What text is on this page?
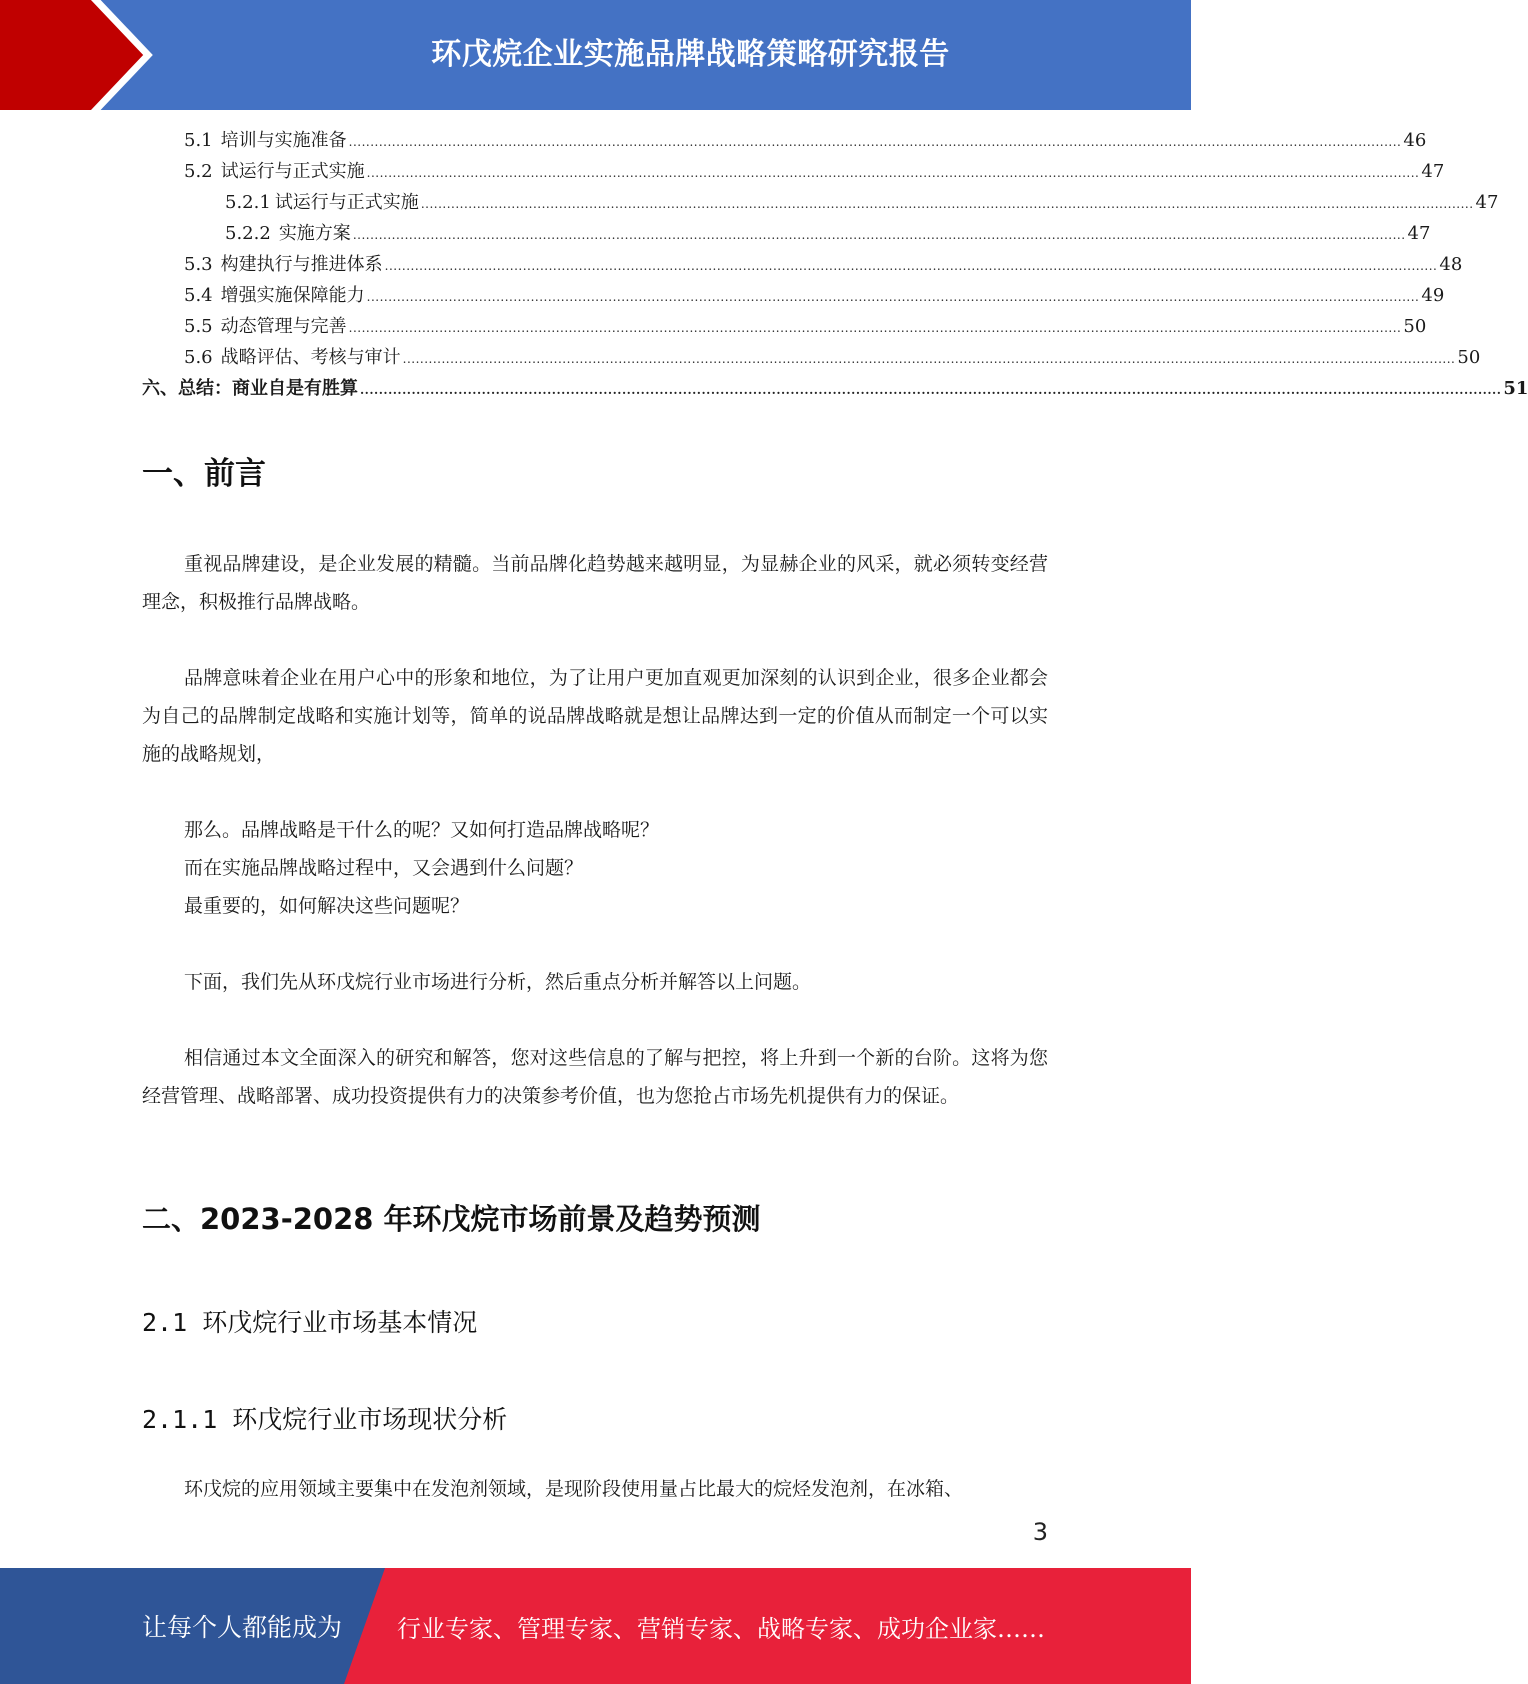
环戊烷企业实施品牌战略策略研究报告
5.1 培训与实施准备 .................................................................................................................................................................................................................................................... 46
5.2 试运行与正式实施 .................................................................................................................................................................................................................................................... 47
5.2.1 试运行与正式实施 .................................................................................................................................................................................................................................................... 47
5.2.2 实施方案 .................................................................................................................................................................................................................................................... 47
5.3 构建执行与推进体系 .................................................................................................................................................................................................................................................... 48
5.4 增强实施保障能力 .................................................................................................................................................................................................................................................... 49
5.5 动态管理与完善 .................................................................................................................................................................................................................................................... 50
5.6 战略评估、考核与审计 .................................................................................................................................................................................................................................................... 50
六、总结：商业自是有胜算 .................................................................................................................................................................................................................................................... 51
一、前言

重视品牌建设，是企业发展的精髓。当前品牌化趋势越来越明显，为显赫企业的风采，就必须转变经营理念，积极推行品牌战略。

品牌意味着企业在用户心中的形象和地位，为了让用户更加直观更加深刻的认识到企业，很多企业都会为自己的品牌制定战略和实施计划等，简单的说品牌战略就是想让品牌达到一定的价值从而制定一个可以实施的战略规划，

那么。品牌战略是干什么的呢？又如何打造品牌战略呢？

而在实施品牌战略过程中，又会遇到什么问题？

最重要的，如何解决这些问题呢？

下面，我们先从环戊烷行业市场进行分析，然后重点分析并解答以上问题。

相信通过本文全面深入的研究和解答，您对这些信息的了解与把控，将上升到一个新的台阶。这将为您经营管理、战略部署、成功投资提供有力的决策参考价值，也为您抢占市场先机提供有力的保证。

二、2023-2028 年环戊烷市场前景及趋势预测
2.1 环戊烷行业市场基本情况
2.1.1 环戊烷行业市场现状分析

环戊烷的应用领域主要集中在发泡剂领域，是现阶段使用量占比最大的烷烃发泡剂，在冰箱、

3
让每个人都能成为 行业专家、管理专家、营销专家、战略专家、成功企业家……
